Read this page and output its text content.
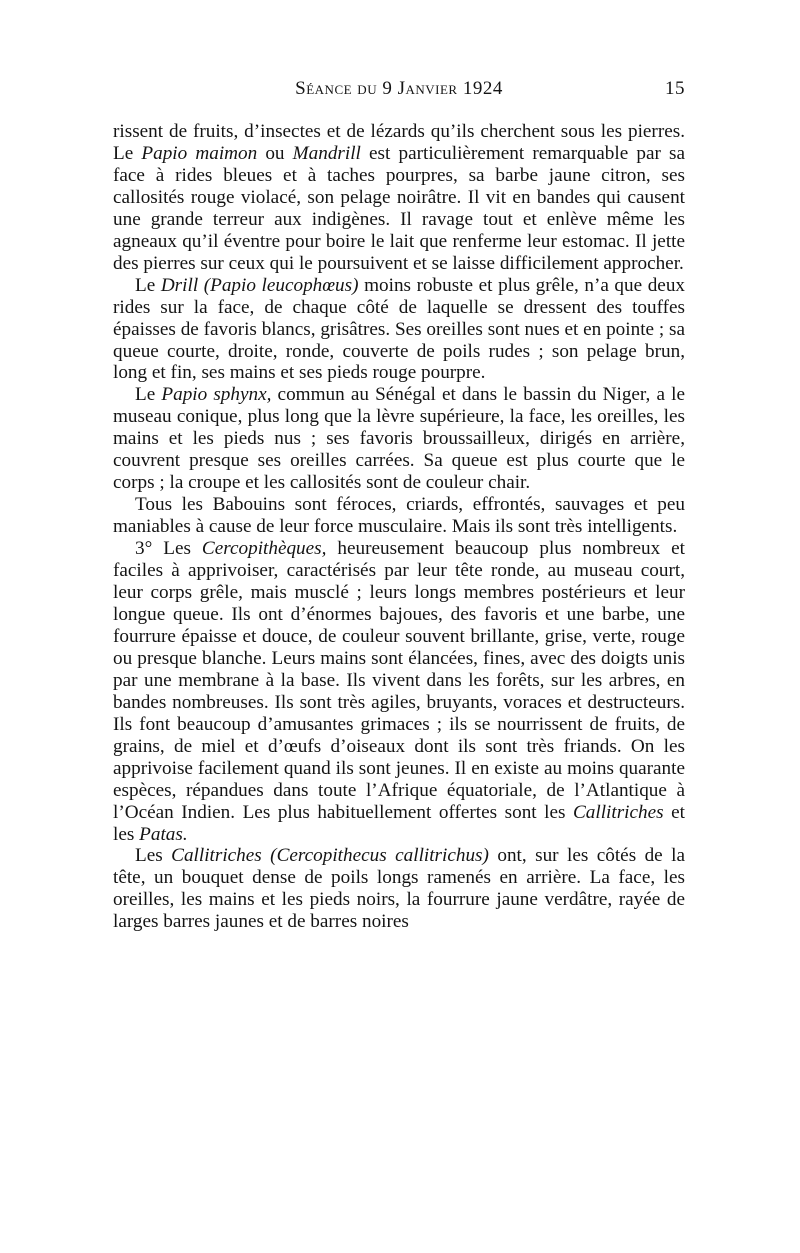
Séance du 9 Janvier 1924	15

rissent de fruits, d’insectes et de lézards qu’ils cherchent sous les pierres. Le Papio maimon ou Mandrill est particulièrement remarquable par sa face à rides bleues et à taches pourpres, sa barbe jaune citron, ses callosités rouge violacé, son pelage noirâtre. Il vit en bandes qui causent une grande terreur aux indigènes. Il ravage tout et enlève même les agneaux qu’il éventre pour boire le lait que renferme leur estomac. Il jette des pierres sur ceux qui le poursuivent et se laisse difficilement approcher.

Le Drill (Papio leucophœus) moins robuste et plus grêle, n’a que deux rides sur la face, de chaque côté de laquelle se dressent des touffes épaisses de favoris blancs, grisâtres. Ses oreilles sont nues et en pointe ; sa queue courte, droite, ronde, couverte de poils rudes ; son pelage brun, long et fin, ses mains et ses pieds rouge pourpre.

Le Papio sphynx, commun au Sénégal et dans le bassin du Niger, a le museau conique, plus long que la lèvre supérieure, la face, les oreilles, les mains et les pieds nus ; ses favoris broussailleux, dirigés en arrière, couvrent presque ses oreilles carrées. Sa queue est plus courte que le corps ; la croupe et les callosités sont de couleur chair.

Tous les Babouins sont féroces, criards, effrontés, sauvages et peu maniables à cause de leur force musculaire. Mais ils sont très intelligents.

3° Les Cercopithèques, heureusement beaucoup plus nombreux et faciles à apprivoiser, caractérisés par leur tête ronde, au museau court, leur corps grêle, mais musclé ; leurs longs membres postérieurs et leur longue queue. Ils ont d’énormes bajoues, des favoris et une barbe, une fourrure épaisse et douce, de couleur souvent brillante, grise, verte, rouge ou presque blanche. Leurs mains sont élancées, fines, avec des doigts unis par une membrane à la base. Ils vivent dans les forêts, sur les arbres, en bandes nombreuses. Ils sont très agiles, bruyants, voraces et destructeurs. Ils font beaucoup d’amusantes grimaces ; ils se nourrissent de fruits, de grains, de miel et d’œufs d’oiseaux dont ils sont très friands. On les apprivoise facilement quand ils sont jeunes. Il en existe au moins quarante espèces, répandues dans toute l’Afrique équatoriale, de l’Atlantique à l’Océan Indien. Les plus habituellement offertes sont les Callitriches et les Patas.

Les Callitriches (Cercopithecus callitrichus) ont, sur les côtés de la tête, un bouquet dense de poils longs ramenés en arrière. La face, les oreilles, les mains et les pieds noirs, la fourrure jaune verdâtre, rayée de larges barres jaunes et de barres noires
